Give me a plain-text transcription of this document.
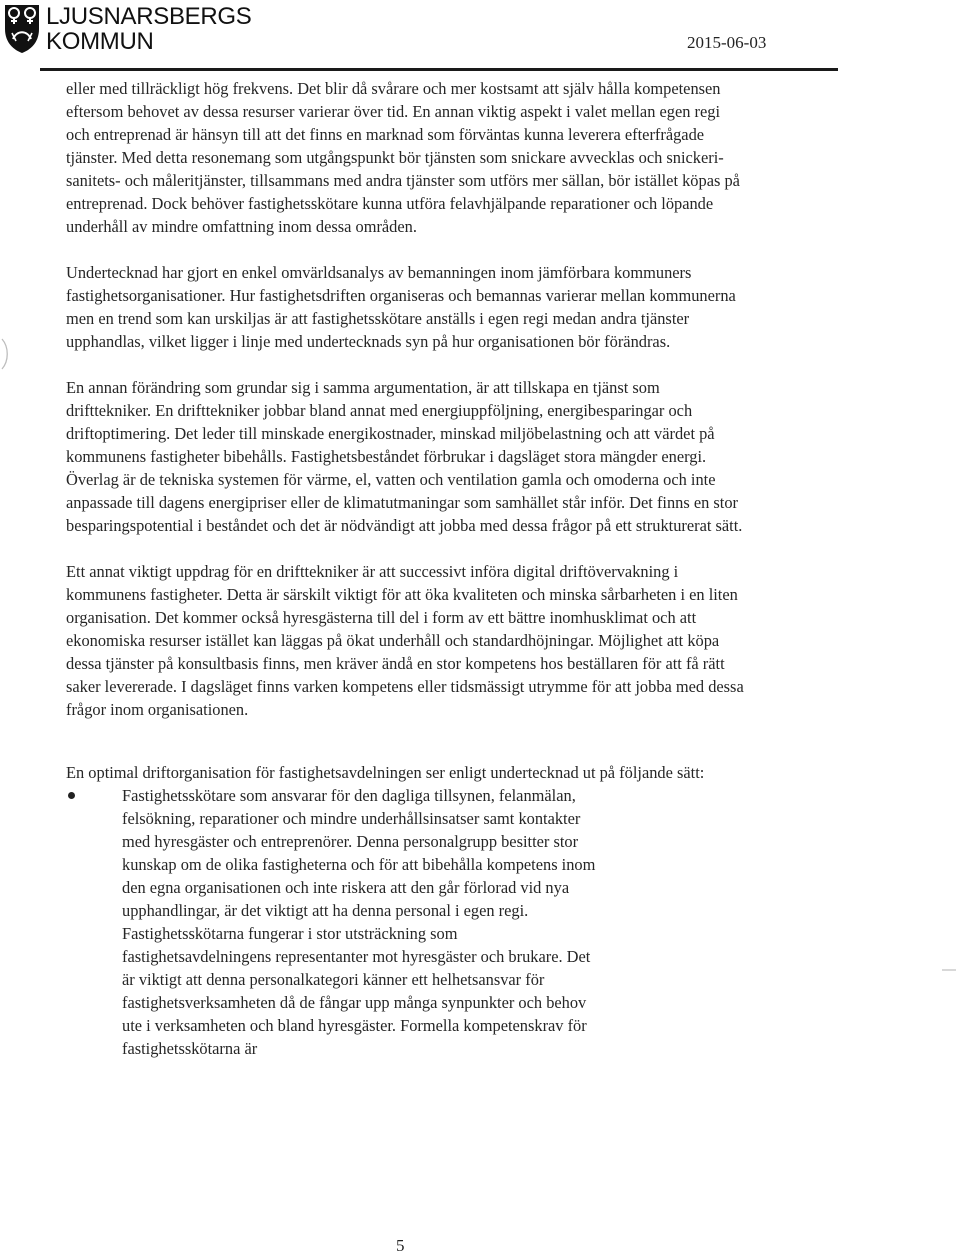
LJUSNARSBERGS
KOMMUN	2015-06-03

eller med tillräckligt hög frekvens. Det blir då svårare och mer kostsamt att själv hålla kompetensen eftersom behovet av dessa resurser varierar över tid. En annan viktig aspekt i valet mellan egen regi och entreprenad är hänsyn till att det finns en marknad som förväntas kunna leverera efterfrågade tjänster. Med detta resonemang som utgångspunkt bör tjänsten som snickare avvecklas och snickeri- sanitets- och måleritjänster, tillsammans med andra tjänster som utförs mer sällan, bör istället köpas på entreprenad. Dock behöver fastighetsskötare kunna utföra felavhjälpande reparationer och löpande underhåll av mindre omfattning inom dessa områden.

Undertecknad har gjort en enkel omvärldsanalys av bemanningen inom jämförbara kommuners fastighetsorganisationer. Hur fastighetsdriften organiseras och bemannas varierar mellan kommunerna men en trend som kan urskiljas är att fastighetsskötare anställs i egen regi medan andra tjänster upphandlas, vilket ligger i linje med undertecknads syn på hur organisationen bör förändras.

En annan förändring som grundar sig i samma argumentation, är att tillskapa en tjänst som drifttekniker. En drifttekniker jobbar bland annat med energiuppföljning, energibesparingar och driftoptimering. Det leder till minskade energikostnader, minskad miljöbelastning och att värdet på kommunens fastigheter bibehålls. Fastighetsbeståndet förbrukar i dagsläget stora mängder energi. Överlag är de tekniska systemen för värme, el, vatten och ventilation gamla och omoderna och inte anpassade till dagens energipriser eller de klimatutmaningar som samhället står inför. Det finns en stor besparingspotential i beståndet och det är nödvändigt att jobba med dessa frågor på ett strukturerat sätt.

Ett annat viktigt uppdrag för en drifttekniker är att successivt införa digital driftövervakning i kommunens fastigheter. Detta är särskilt viktigt för att öka kvaliteten och minska sårbarheten i en liten organisation. Det kommer också hyresgästerna till del i form av ett bättre inomhusklimat och att ekonomiska resurser istället kan läggas på ökat underhåll och standardhöjningar. Möjlighet att köpa dessa tjänster på konsultbasis finns, men kräver ändå en stor kompetens hos beställaren för att få rätt saker levererade. I dagsläget finns varken kompetens eller tidsmässigt utrymme för att jobba med dessa frågor inom organisationen.

En optimal driftorganisation för fastighetsavdelningen ser enligt undertecknad ut på följande sätt:

Fastighetsskötare som ansvarar för den dagliga tillsynen, felanmälan, felsökning, reparationer och mindre underhållsinsatser samt kontakter med hyresgäster och entreprenörer. Denna personalgrupp besitter stor kunskap om de olika fastigheterna och för att bibehålla kompetens inom den egna organisationen och inte riskera att den går förlorad vid nya upphandlingar, är det viktigt att ha denna personal i egen regi. Fastighetsskötarna fungerar i stor utsträckning som fastighetsavdelningens representanter mot hyresgäster och brukare. Det är viktigt att denna personalkategori känner ett helhetsansvar för fastighetsverksamheten då de fångar upp många synpunkter och behov ute i verksamheten och bland hyresgäster. Formella kompetenskrav för fastighetsskötarna är
5
